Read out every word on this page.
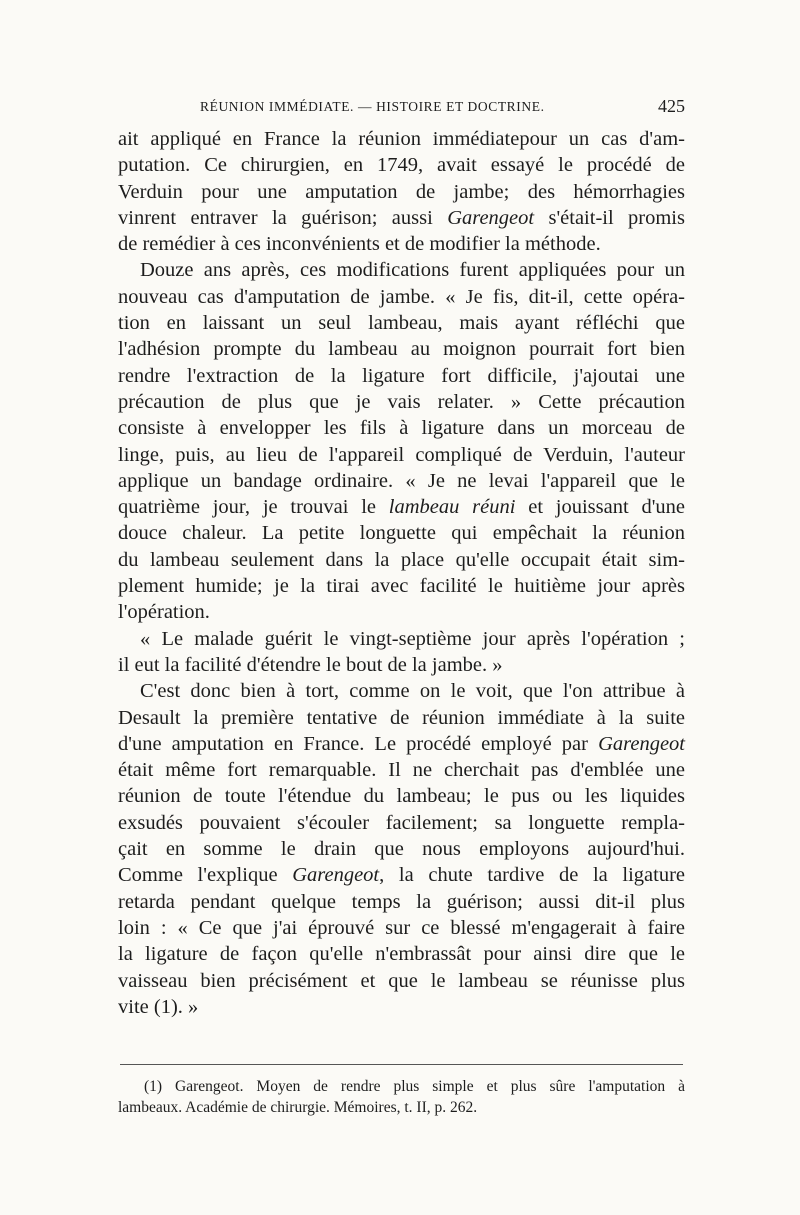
RÉUNION IMMÉDIATE. — HISTOIRE ET DOCTRINE.	425
ait appliqué en France la réunion immédiatepour un cas d'am-
putation. Ce chirurgien, en 1749, avait essayé le procédé de
Verduin pour une amputation de jambe; des hémorrhagies
vinrent entraver la guérison; aussi Garengeot s'était-il promis
de remédier à ces inconvénients et de modifier la méthode.
Douze ans après, ces modifications furent appliquées pour un
nouveau cas d'amputation de jambe. « Je fis, dit-il, cette opéra-
tion en laissant un seul lambeau, mais ayant réfléchi que
l'adhésion prompte du lambeau au moignon pourrait fort bien
rendre l'extraction de la ligature fort difficile, j'ajoutai une
précaution de plus que je vais relater. » Cette précaution
consiste à envelopper les fils à ligature dans un morceau de
linge, puis, au lieu de l'appareil compliqué de Verduin, l'auteur
applique un bandage ordinaire. « Je ne levai l'appareil que le
quatrième jour, je trouvai le lambeau réuni et jouissant d'une
douce chaleur. La petite longuette qui empêchait la réunion
du lambeau seulement dans la place qu'elle occupait était sim-
plement humide; je la tirai avec facilité le huitième jour après
l'opération.
« Le malade guérit le vingt-septième jour après l'opération ;
il eut la facilité d'étendre le bout de la jambe. »
C'est donc bien à tort, comme on le voit, que l'on attribue à
Desault la première tentative de réunion immédiate à la suite
d'une amputation en France. Le procédé employé par Garengeot
était même fort remarquable. Il ne cherchait pas d'emblée une
réunion de toute l'étendue du lambeau; le pus ou les liquides
exsudés pouvaient s'écouler facilement; sa longuette rempla-
çait en somme le drain que nous employons aujourd'hui.
Comme l'explique Garengeot, la chute tardive de la ligature
retarda pendant quelque temps la guérison; aussi dit-il plus
loin : « Ce que j'ai éprouvé sur ce blessé m'engagerait à faire
la ligature de façon qu'elle n'embrassât pour ainsi dire que le
vaisseau bien précisément et que le lambeau se réunisse plus
vite (1). »
(1) Garengeot. Moyen de rendre plus simple et plus sûre l'amputation à
lambeaux. Académie de chirurgie. Mémoires, t. II, p. 262.
